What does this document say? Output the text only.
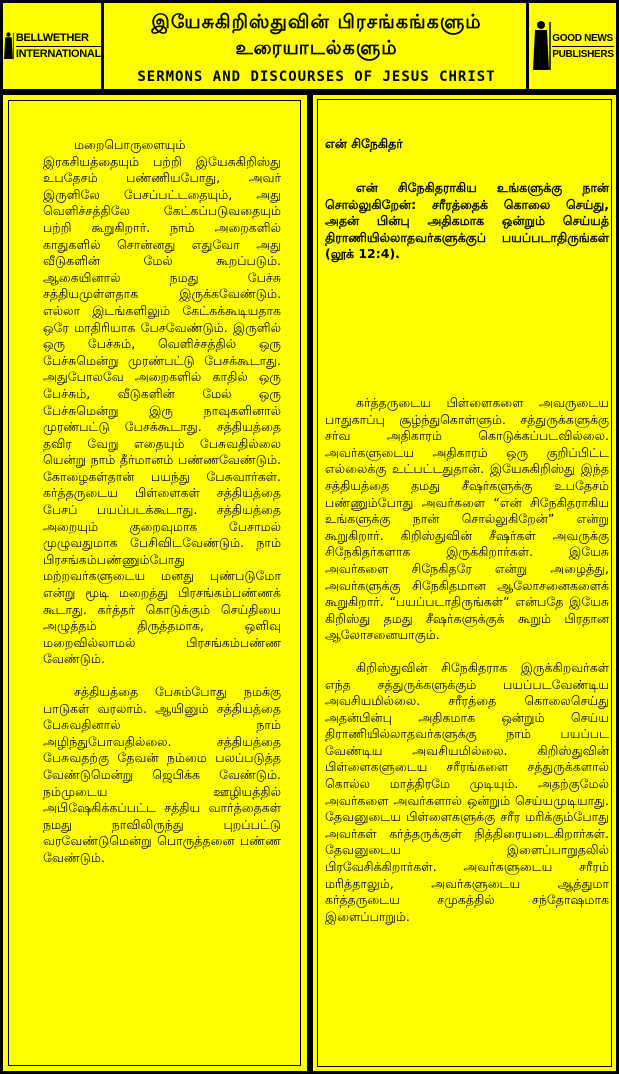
BELLWETHER
INTERNATIONAL
இயேசுகிறிஸ்துவின் பிரசங்கங்களும்
உரையாடல்களும்
SERMONS AND DISCOURSES OF JESUS CHRIST
GOOD NEWS
PUBLISHERS

மறைபொருளையும் இரகசியத்தையும் பற்றி இயேசுகிறிஸ்து உபதேசம் பண்ணியபோது, அவர் இருளிலே பேசப்பட்டதையும், அது வெளிச்சத்திலே கேட்கப்படுவதையும் பற்றி கூறுகிறார். நாம் அறைகளில் காதுகளில் சொன்னது எதுவோ அது வீடுகளின் மேல் கூறப்படும். ஆகையினால் நமது பேச்சு சத்தியமுள்ளதாக இருக்கவேண்டும். எல்லா இடங்களிலும் கேட்கக்கூடியதாக ஒரே மாதிரியாக பேசவேண்டும். இருளில் ஒரு பேச்சும், வெளிச்சத்தில் ஒரு பேச்சுமென்று முரண்பட்டு பேசக்கூடாது. அதுபோலவே அறைகளில் காதில் ஒரு பேச்சும், வீடுகளின் மேல் ஒரு பேச்சுமென்று இரு நாவுகளினால் முரண்பட்டு பேசக்கூடாது. சத்தியத்தை தவிர வேறு எதையும் பேசுவதில்லை யென்று நாம் தீர்மானம் பண்ணவேண்டும். கோழைகள்தான் பயந்து பேசுவார்கள். கர்த்தருடைய பிள்ளைகள் சத்தியத்தை பேசப் பயப்படக்கூடாது. சத்தியத்தை அறையும் குறைவுமாக பேசாமல் முழுவதுமாக பேசிவிடவேண்டும். நாம் பிரசங்கம்பண்ணும்போது மற்றவர்களுடைய மனது புண்படுமோ என்று மூடி மறைத்து பிரசங்கம்பண்ணக் கூடாது. கர்த்தர் கொடுக்கும் செய்தியை அழுத்தம் திருத்தமாக, ஒளிவு மறைவில்லாமல் பிரசங்கம்பண்ண வேண்டும்.

சத்தியத்தை பேசும்போது நமக்கு பாடுகள் வரலாம். ஆயினும் சத்தியத்தை பேசுவதினால் நாம் அழிந்துபோவதில்லை. சத்தியத்தை பேசுவதற்கு தேவன் நம்மை பலப்படுத்த வேண்டுமென்று ஜெபிக்க வேண்டும். நம்முடைய ஊழியத்தில் அபிஷேகிக்கப்பட்ட சத்திய வார்த்தைகள் நமது நாவிலிருந்து புறப்பட்டு வரவேண்டுமென்று பொருத்தனை பண்ண வேண்டும்.

என் சிநேகிதர்
என் சிநேகிதராகிய உங்களுக்கு நான் சொல்லுகிறேன்: சரீரத்தைக் கொலை செய்து, அதன் பின்பு அதிகமாக ஒன்றும் செய்யத் திராணியில்லாதவர்களுக்குப் பயப்படாதிருங்கள் (லூக் 12:4).

கர்த்தருடைய பிள்ளைகளை அவருடைய பாதுகாப்பு சூழ்ந்துகொள்ளும். சத்துருக்களுக்கு சர்வ அதிகாரம் கொடுக்கப்படவில்லை. அவர்களுடைய அதிகாரம் ஒரு குறிப்பிட்ட எல்லைக்கு உட்பட்டதுதான். இயேசுகிறிஸ்து இந்த சத்தியத்தை தமது சீஷர்களுக்கு உபதேசம் பண்ணும்போது அவர்களை “என் சிநேகிதராகிய உங்களுக்கு நான் சொல்லுகிறேன்” என்று கூறுகிறார். கிறிஸ்துவின் சீஷர்கள் அவருக்கு சிநேகிதர்களாக இருக்கிறார்கள். இயேசு அவர்களை சிநேகிதரே என்று அழைத்து, அவர்களுக்கு சிநேகிதமான ஆலோசனைகளைக் கூறுகிறார். “பயப்படாதிருங்கள்” என்பதே இயேசு கிறிஸ்து தமது சீஷர்களுக்குக் கூறும் பிரதான ஆலோசனையாகும்.

கிறிஸ்துவின் சிநேகிதராக இருக்கிறவர்கள் எந்த சத்துருக்களுக்கும் பயப்படவேண்டிய அவசியமில்லை. சரீரத்தை கொலைசெய்து அதன்பின்பு அதிகமாக ஒன்றும் செய்ய திராணியில்லாதவர்களுக்கு நாம் பயப்பட வேண்டிய அவசியமில்லை. கிறிஸ்துவின் பிள்ளைகளுடைய சரீரங்களை சத்துருக்களால் கொல்ல மாத்திரமே முடியும். அதற்குமேல் அவர்களை அவர்களால் ஒன்றும் செய்யமுடியாது. தேவனுடைய பிள்ளைகளுக்கு சரீர மரிக்கும்போது அவர்கள் கர்த்தருக்குள் நித்திரையடைகிறார்கள். தேவனுடைய இளைப்பாறுதலில் பிரவேசிக்கிறார்கள். அவர்களுடைய சரீரம் மரித்தாலும், அவர்களுடைய ஆத்துமா கர்த்தருடைய சமுகத்தில் சந்தோஷமாக இளைப்பாறும்.
